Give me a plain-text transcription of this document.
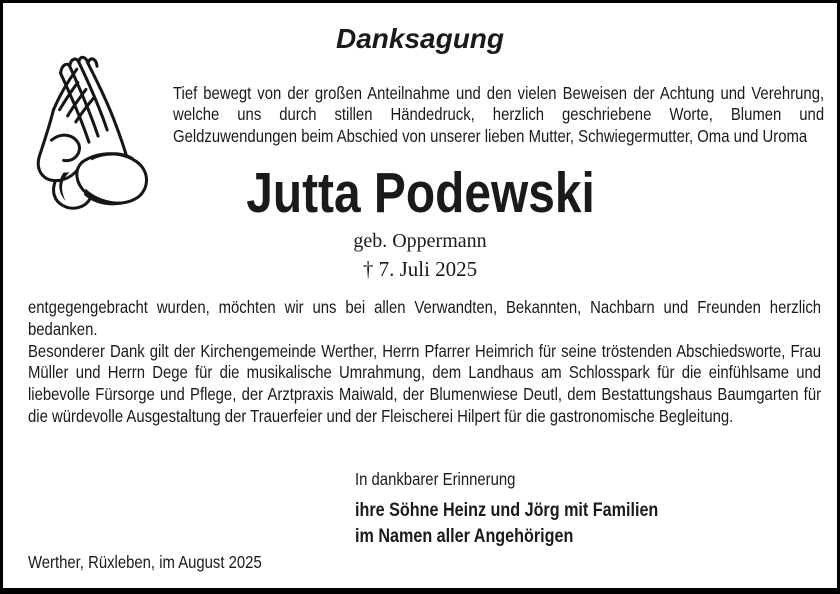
Danksagung

Tief bewegt von der großen Anteilnahme und den vielen Beweisen der Achtung und Verehrung, welche uns durch stillen Händedruck, herzlich geschriebene Worte, Blumen und Geldzuwendungen beim Abschied von unserer lieben Mutter, Schwiegermutter, Oma und Uroma

Jutta Podewski
geb. Oppermann
† 7. Juli 2025

entgegengebracht wurden, möchten wir uns bei allen Verwandten, Bekannten, Nachbarn und Freunden herzlich bedanken.

Besonderer Dank gilt der Kirchengemeinde Werther, Herrn Pfarrer Heimrich für seine tröstenden Abschiedsworte, Frau Müller und Herrn Dege für die musikalische Umrahmung, dem Landhaus am Schlosspark für die einfühlsame und liebevolle Fürsorge und Pflege, der Arztpraxis Maiwald, der Blumenwiese Deutl, dem Bestattungshaus Baumgarten für die würdevolle Ausgestaltung der Trauerfeier und der Fleischerei Hilpert für die gastronomische Begleitung.

In dankbarer Erinnerung
ihre Söhne Heinz und Jörg mit Familien
im Namen aller Angehörigen
Werther, Rüxleben, im August 2025
